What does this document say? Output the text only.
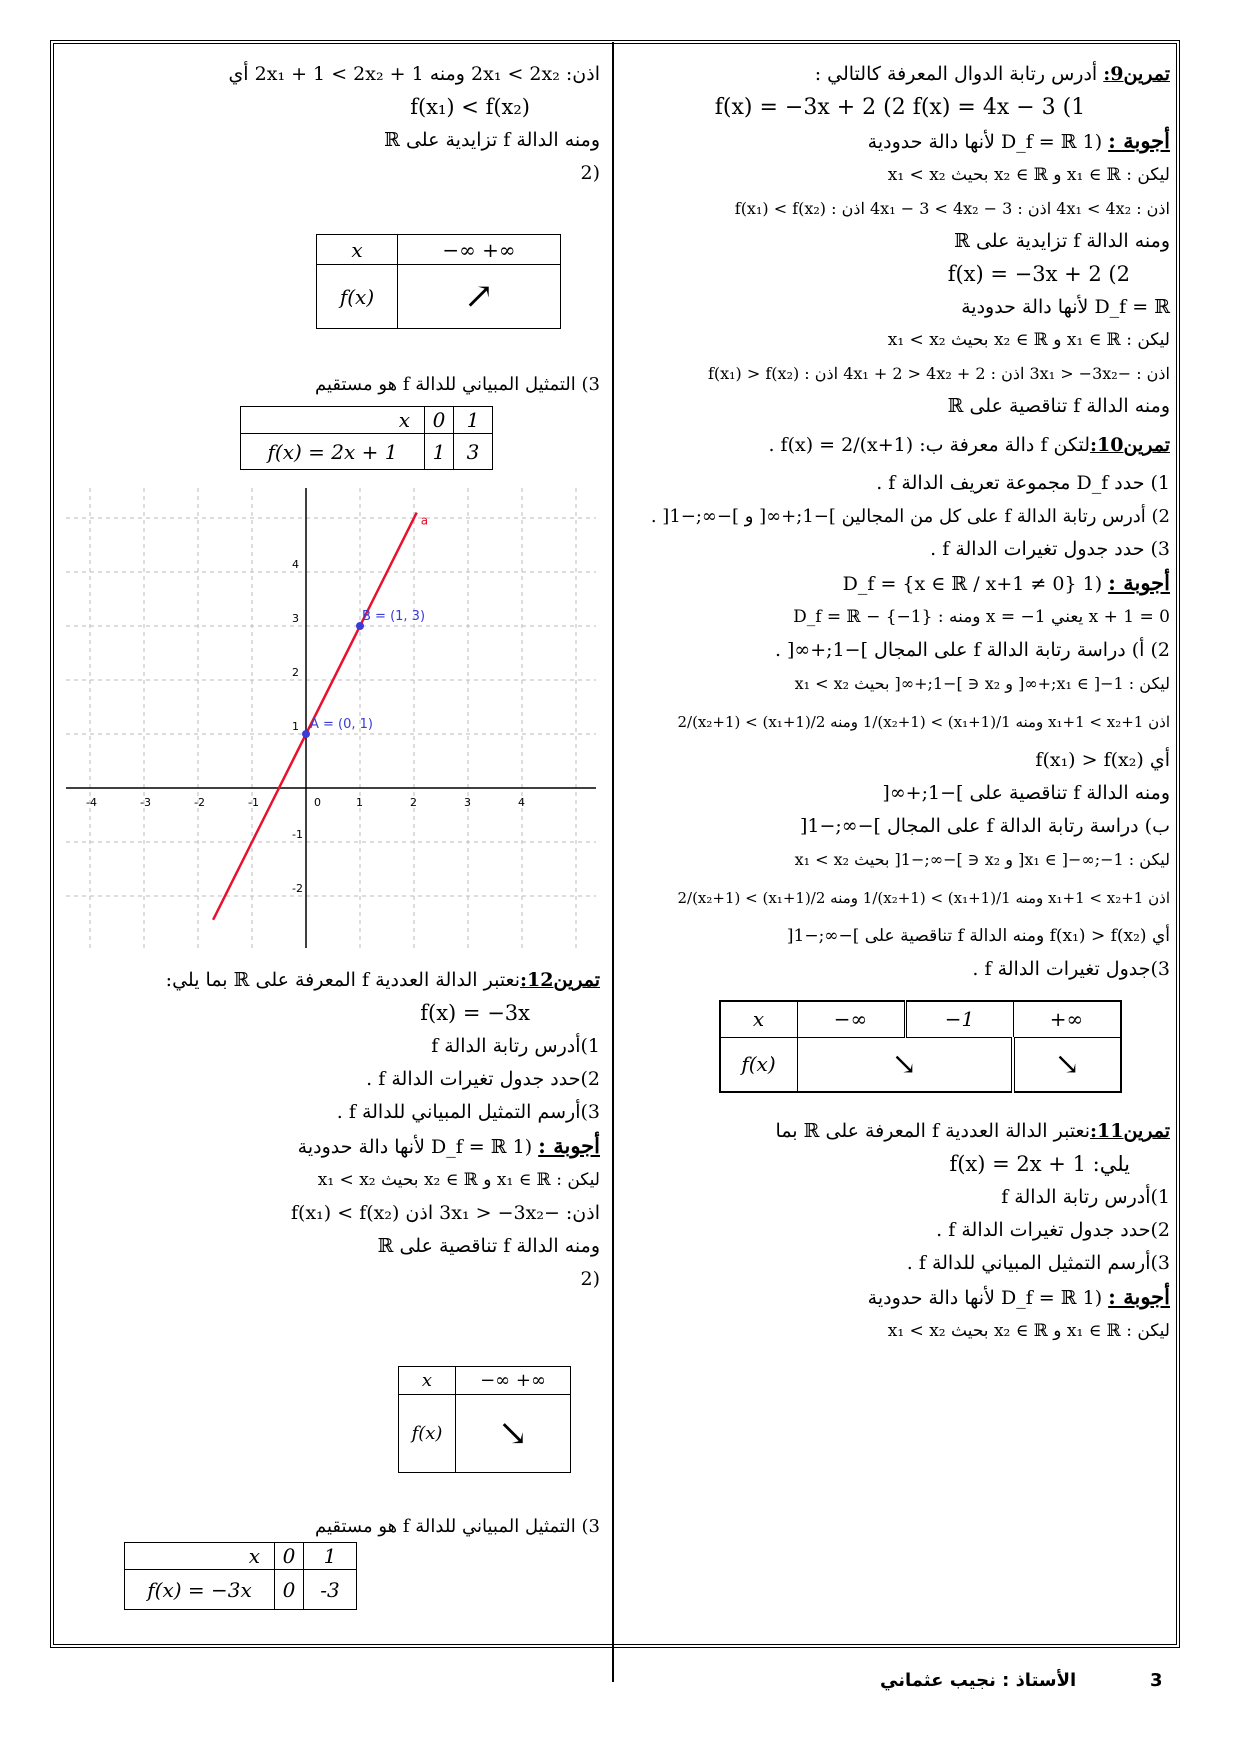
تمرين9: أدرس رتابة الدوال المعرفة كالتالي :
f(x) = −3x + 2 (2 f(x) = 4x − 3 (1
أجوبة : (1 D_f = ℝ لأنها دالة حدودية
ليكن : x₁ ∈ ℝ و x₂ ∈ ℝ بحيث x₁ < x₂
اذن : 4x₁ < 4x₂ اذن : 4x₁ − 3 < 4x₂ − 3 اذن : f(x₁) < f(x₂)
ومنه الدالة f تزايدية على ℝ
f(x) = −3x + 2 (2
D_f = ℝ لأنها دالة حدودية
ليكن : x₁ ∈ ℝ و x₂ ∈ ℝ بحيث x₁ < x₂
اذن : −3x₁ > −3x₂ اذن : 4x₁ + 2 > 4x₂ + 2 اذن : f(x₁) > f(x₂)
ومنه الدالة f تناقصية على ℝ
تمرين10:لتكن f دالة معرفة ب: f(x) = 2/(x+1) .
1) حدد D_f مجموعة تعريف الدالة f .
2) أدرس رتابة الدالة f على كل من المجالين ]−1;+∞[ و ]−∞;−1[ .
3) حدد جدول تغيرات الدالة f .
أجوبة : (1 D_f = {x ∈ ℝ / x+1 ≠ 0}
x + 1 = 0 يعني x = −1 ومنه : D_f = ℝ − {−1}
2) أ) دراسة رتابة الدالة f على المجال ]−1;+∞[ .
ليكن : x₁ ∈ ]−1;+∞[ و x₂ ∈ ]−1;+∞[ بحيث x₁ < x₂
اذن x₁+1 < x₂+1 ومنه 1/(x₁+1) > 1/(x₂+1) ومنه 2/(x₁+1) > 2/(x₂+1)
أي f(x₁) > f(x₂)
ومنه الدالة f تناقصية على ]−1;+∞[
ب) دراسة رتابة الدالة f على المجال ]−∞;−1[
ليكن : x₁ ∈ ]−∞;−1[ و x₂ ∈ ]−∞;−1[ بحيث x₁ < x₂
اذن x₁+1 < x₂+1 ومنه 1/(x₁+1) > 1/(x₂+1) ومنه 2/(x₁+1) > 2/(x₂+1)
أي f(x₁) > f(x₂) ومنه الدالة f تناقصية على ]−∞;−1[
3)جدول تغيرات الدالة f .
x	−∞	−1	+∞
f(x)	↘		↘
تمرين11:نعتبر الدالة العددية f المعرفة على ℝ بما
يلي: f(x) = 2x + 1
1)أدرس رتابة الدالة f
2)حدد جدول تغيرات الدالة f .
3)أرسم التمثيل المبياني للدالة f .
أجوبة : (1 D_f = ℝ لأنها دالة حدودية
ليكن : x₁ ∈ ℝ و x₂ ∈ ℝ بحيث x₁ < x₂
اذن: 2x₁ < 2x₂ ومنه 2x₁ + 1 < 2x₂ + 1 أي
f(x₁) < f(x₂)
ومنه الدالة f تزايدية على ℝ
(2
x	−∞ +∞
f(x)	↗
3) التمثيل المبياني للدالة f هو مستقيم
x	0	1
f(x) = 2x + 1	1	3
-4	-3	-2	-1	0	1	2	3	4
4
3
2
1
-1
-2
a
A = (0, 1)
B = (1, 3)
تمرين12:نعتبر الدالة العددية f المعرفة على ℝ بما يلي:
f(x) = −3x
1)أدرس رتابة الدالة f
2)حدد جدول تغيرات الدالة f .
3)أرسم التمثيل المبياني للدالة f .
أجوبة : (1 D_f = ℝ لأنها دالة حدودية
ليكن : x₁ ∈ ℝ و x₂ ∈ ℝ بحيث x₁ < x₂
اذن: −3x₁ > −3x₂ اذن f(x₁) < f(x₂)
ومنه الدالة f تناقصية على ℝ
(2
x	−∞ +∞
f(x)	↘
3) التمثيل المبياني للدالة f هو مستقيم
x	0	1
f(x) = −3x	0	-3
3
الأستاذ : نجيب عثماني
